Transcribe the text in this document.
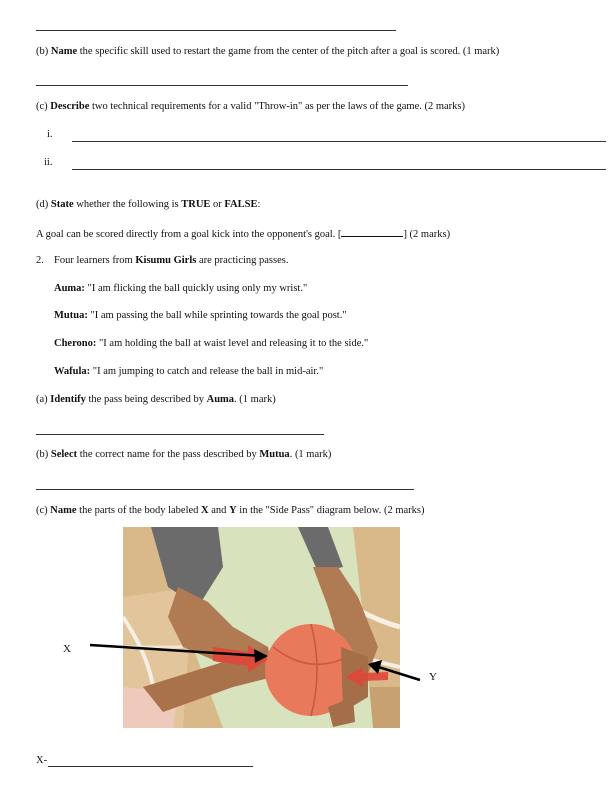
(b) Name the specific skill used to restart the game from the center of the pitch after a goal is scored. (1 mark)
(c) Describe two technical requirements for a valid "Throw-in" as per the laws of the game. (2 marks)
i.
ii.
(d) State whether the following is TRUE or FALSE:
A goal can be scored directly from a goal kick into the opponent's goal. [	] (2 marks)
2. Four learners from Kisumu Girls are practicing passes.
Auma: "I am flicking the ball quickly using only my wrist."
Mutua: "I am passing the ball while sprinting towards the goal post."
Cherono: "I am holding the ball at waist level and releasing it to the side."
Wafula: "I am jumping to catch and release the ball in mid-air."
(a) Identify the pass being described by Auma. (1 mark)
(b) Select the correct name for the pass described by Mutua. (1 mark)
(c) Name the parts of the body labeled X and Y in the "Side Pass" diagram below. (2 marks)
X
Y
X-
